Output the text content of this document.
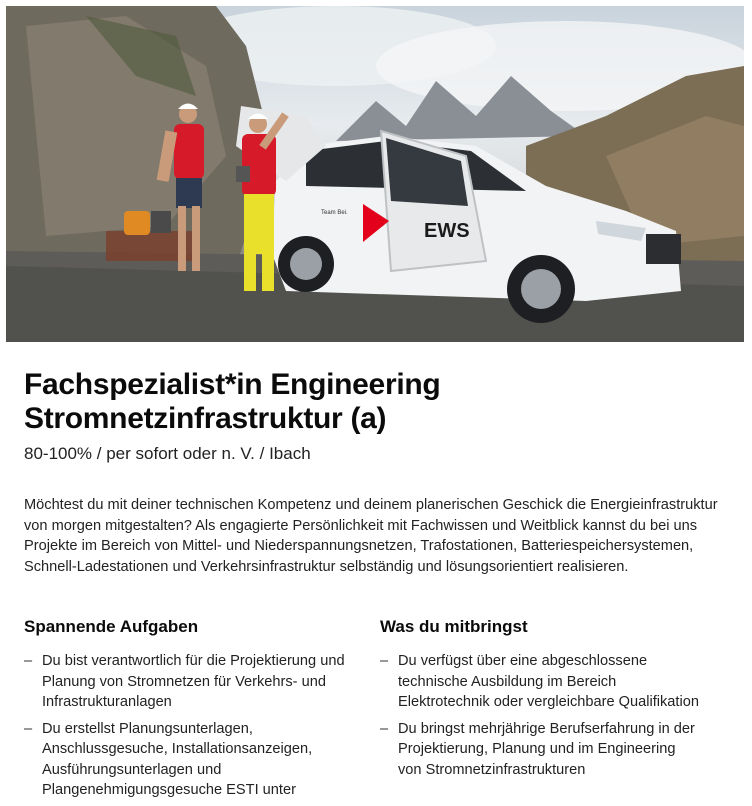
EWS
Team Bei.
Fachspezialist*in Engineering
Stromnetzinfrastruktur (a)
80-100% / per sofort oder n. V. / Ibach

Möchtest du mit deiner technischen Kompetenz und deinem planerischen Geschick die Energieinfrastruktur von morgen mitgestalten? Als engagierte Persönlichkeit mit Fachwissen und Weitblick kannst du bei uns Projekte im Bereich von Mittel- und Niederspannungsnetzen, Trafostationen, Batteriespeichersystemen, Schnell-Ladestationen und Verkehrsinfrastruktur selbständig und lösungsorientiert realisieren.

Spannende Aufgaben
– Du bist verantwortlich für die Projektierung und Planung von Stromnetzen für Verkehrs- und Infrastrukturanlagen
– Du erstellst Planungsunterlagen, Anschlussgesuche, Installationsanzeigen, Ausführungsunterlagen und Plangenehmigungsgesuche ESTI unter
Was du mitbringst
– Du verfügst über eine abgeschlossene technische Ausbildung im Bereich Elektrotechnik oder vergleichbare Qualifikation
– Du bringst mehrjährige Berufserfahrung in der Projektierung, Planung und im Engineering von Stromnetzinfrastrukturen
